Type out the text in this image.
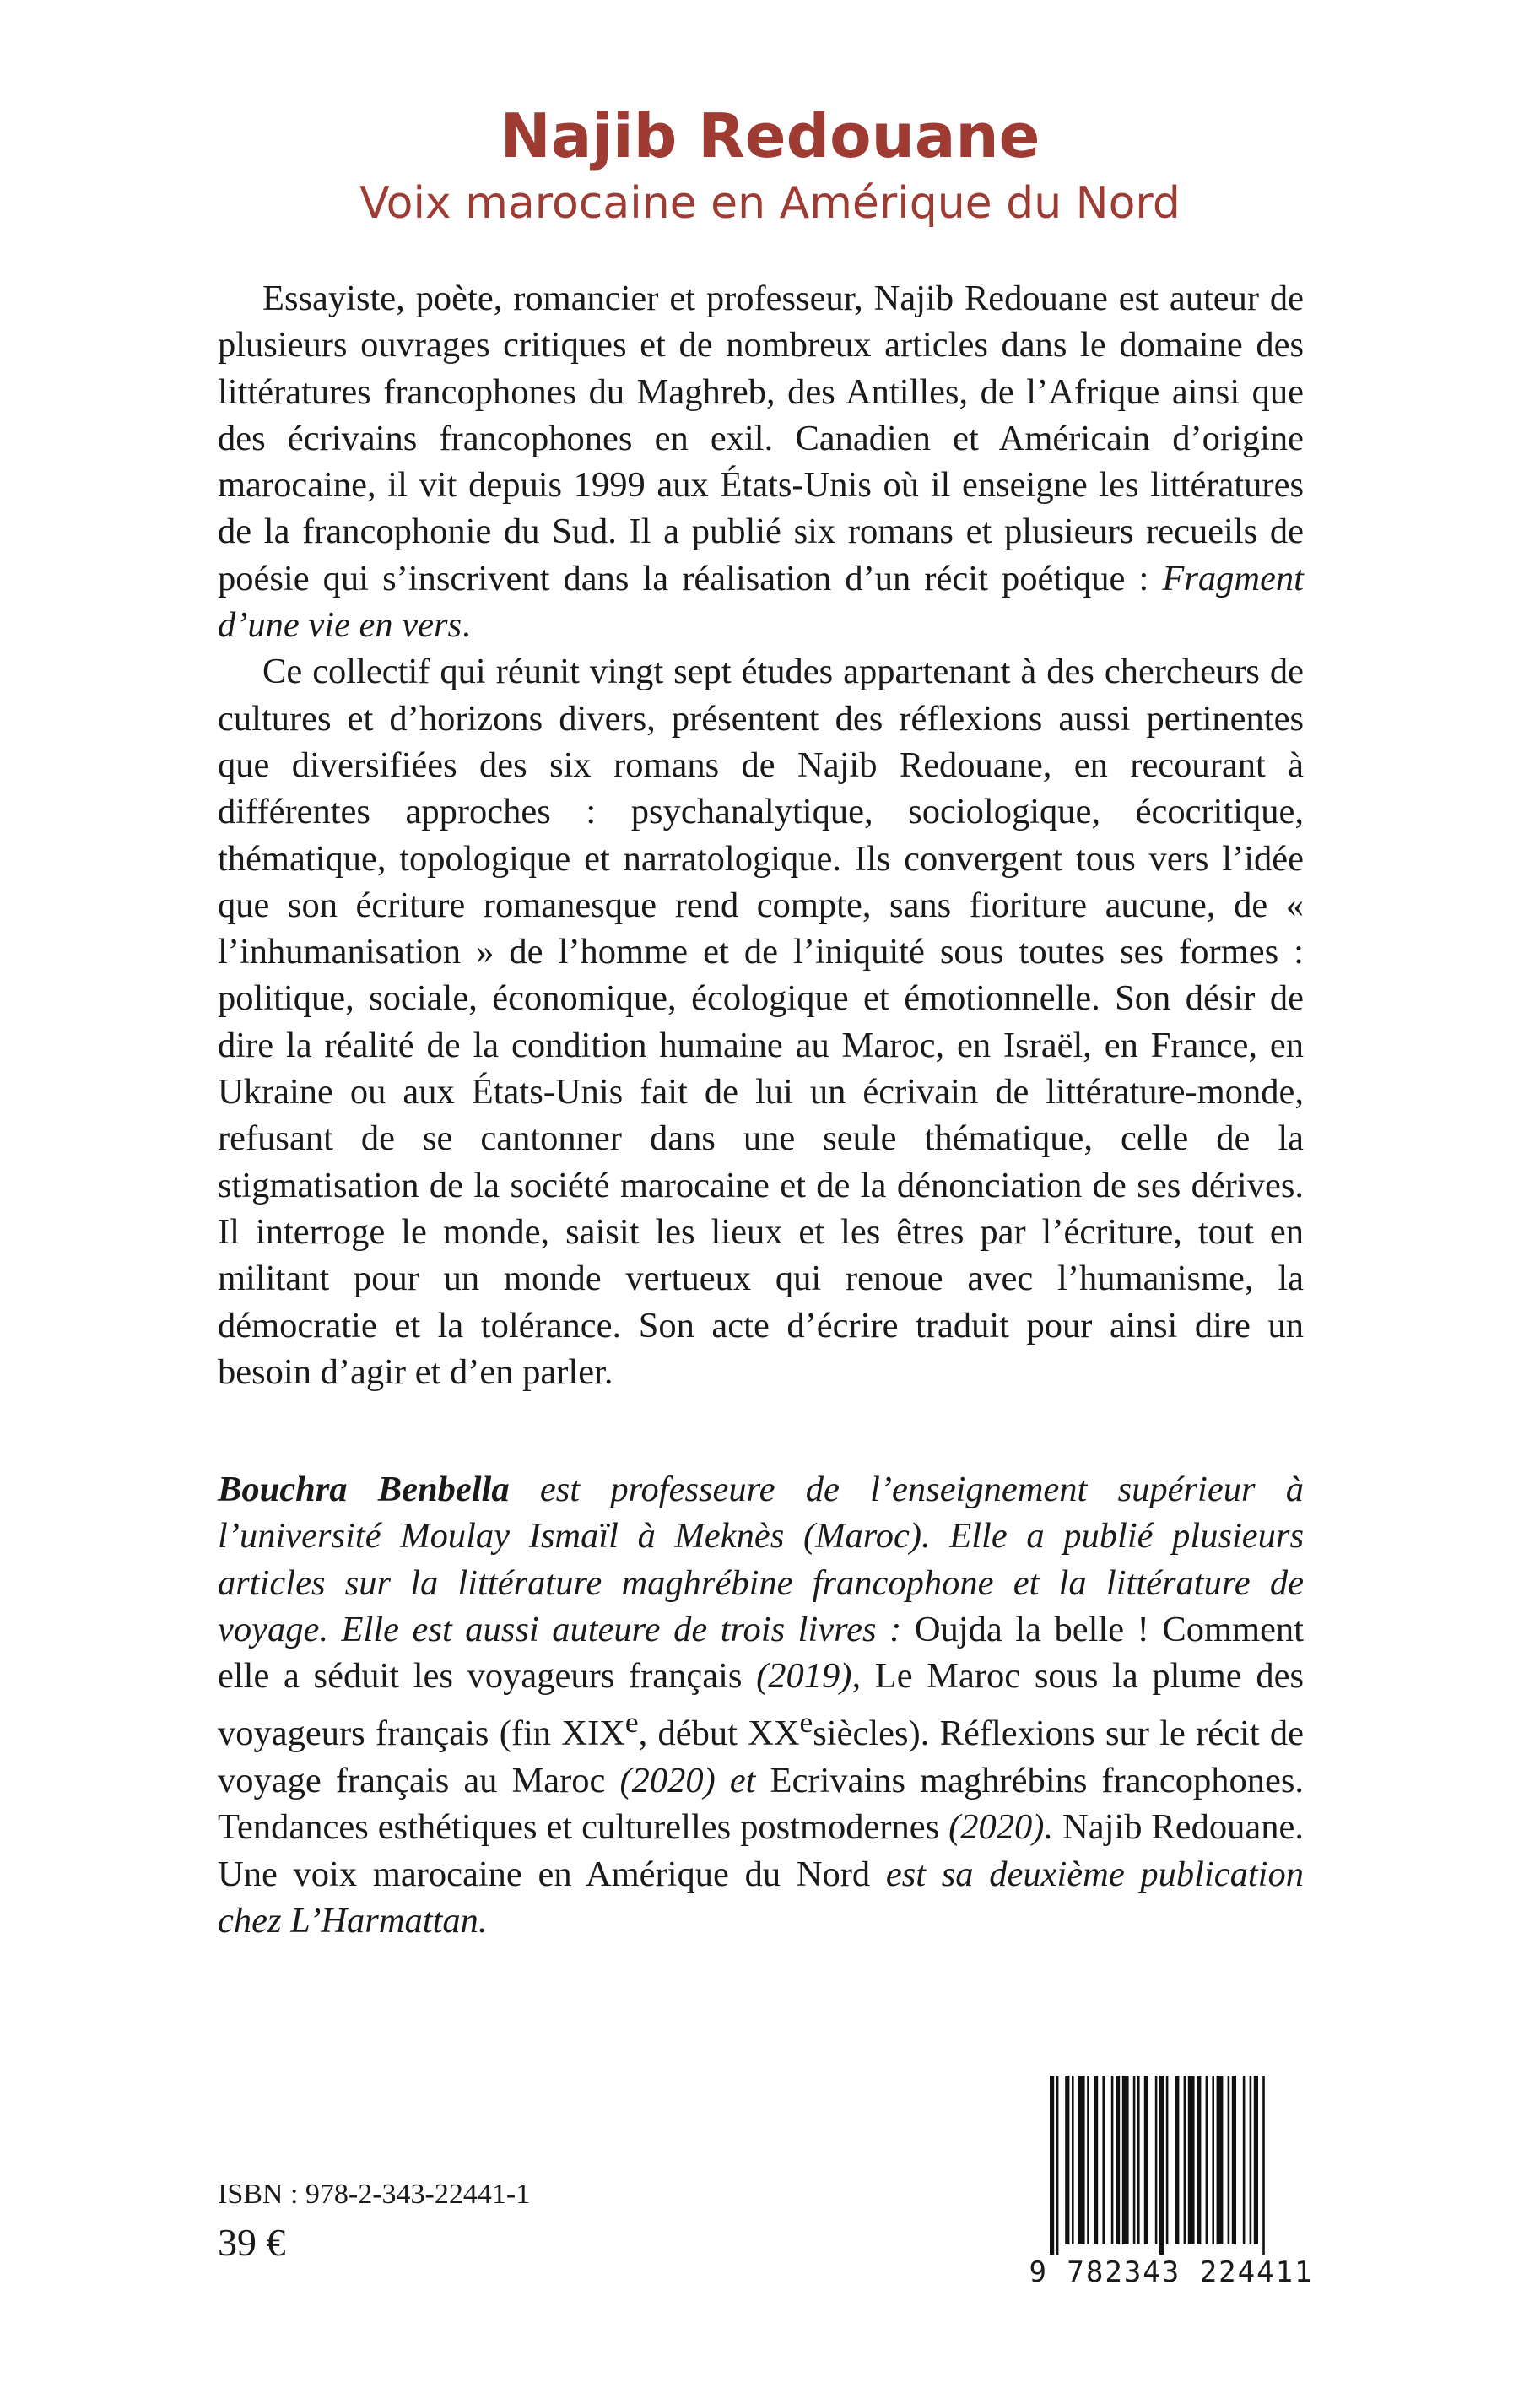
Najib Redouane
Voix marocaine en Amérique du Nord

Essayiste, poète, romancier et professeur, Najib Redouane est auteur de plusieurs ouvrages critiques et de nombreux articles dans le domaine des littératures francophones du Maghreb, des Antilles, de l’Afrique ainsi que des écrivains francophones en exil. Canadien et Américain d’origine marocaine, il vit depuis 1999 aux États-Unis où il enseigne les littératures de la francophonie du Sud. Il a publié six romans et plusieurs recueils de poésie qui s’inscrivent dans la réalisation d’un récit poétique : Fragment d’une vie en vers.

Ce collectif qui réunit vingt sept études appartenant à des chercheurs de cultures et d’horizons divers, présentent des réflexions aussi pertinentes que diversifiées des six romans de Najib Redouane, en recourant à différentes approches : psychanalytique, sociologique, écocritique, thématique, topologique et narratologique. Ils convergent tous vers l’idée que son écriture romanesque rend compte, sans fioriture aucune, de « l’inhumanisation » de l’homme et de l’iniquité sous toutes ses formes : politique, sociale, économique, écologique et émotionnelle. Son désir de dire la réalité de la condition humaine au Maroc, en Israël, en France, en Ukraine ou aux États-Unis fait de lui un écrivain de littérature-monde, refusant de se cantonner dans une seule thématique, celle de la stigmatisation de la société marocaine et de la dénonciation de ses dérives. Il interroge le monde, saisit les lieux et les êtres par l’écriture, tout en militant pour un monde vertueux qui renoue avec l’humanisme, la démocratie et la tolérance. Son acte d’écrire traduit pour ainsi dire un besoin d’agir et d’en parler.

Bouchra Benbella est professeure de l’enseignement supérieur à l’université Moulay Ismaïl à Meknès (Maroc). Elle a publié plusieurs articles sur la littérature maghrébine francophone et la littérature de voyage. Elle est aussi auteure de trois livres : Oujda la belle ! Comment elle a séduit les voyageurs français (2019), Le Maroc sous la plume des voyageurs français (fin XIXe, début XXesiècles). Réflexions sur le récit de voyage français au Maroc (2020) et Ecrivains maghrébins francophones. Tendances esthétiques et culturelles postmodernes (2020). Najib Redouane. Une voix marocaine en Amérique du Nord est sa deuxième publication chez L’Harmattan.

ISBN : 978-2-343-22441-1
39 €
9 782343 224411
